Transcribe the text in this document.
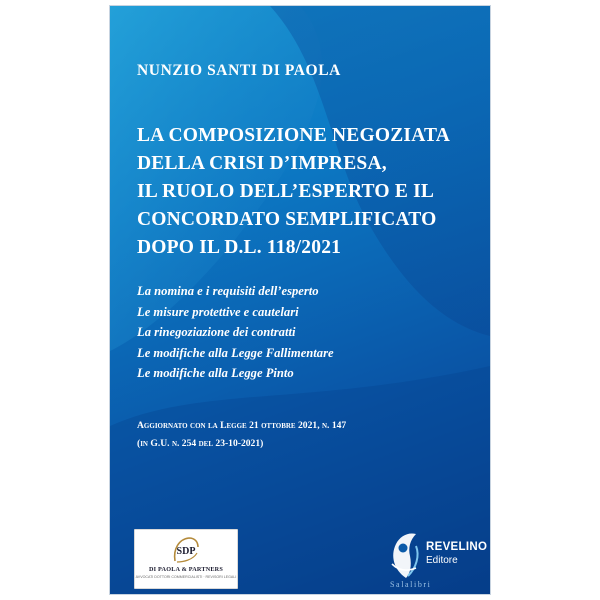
NUNZIO SANTI DI PAOLA
LA COMPOSIZIONE NEGOZIATA
DELLA CRISI D’IMPRESA,
IL RUOLO DELL’ESPERTO E IL
CONCORDATO SEMPLIFICATO
DOPO IL D.L. 118/2021
La nomina e i requisiti dell’esperto
Le misure protettive e cautelari
La rinegoziazione dei contratti
Le modifiche alla Legge Fallimentare
Le modifiche alla Legge Pinto
Aggiornato con la Legge 21 ottobre 2021, n. 147
(in G.U. n. 254 del 23-10-2021)
SDP
DI PAOLA & PARTNERS
AVVOCATI DOTTORI COMMERCIALISTI · REVISORI LEGALI
REVELINO
Editore
Salalibri
